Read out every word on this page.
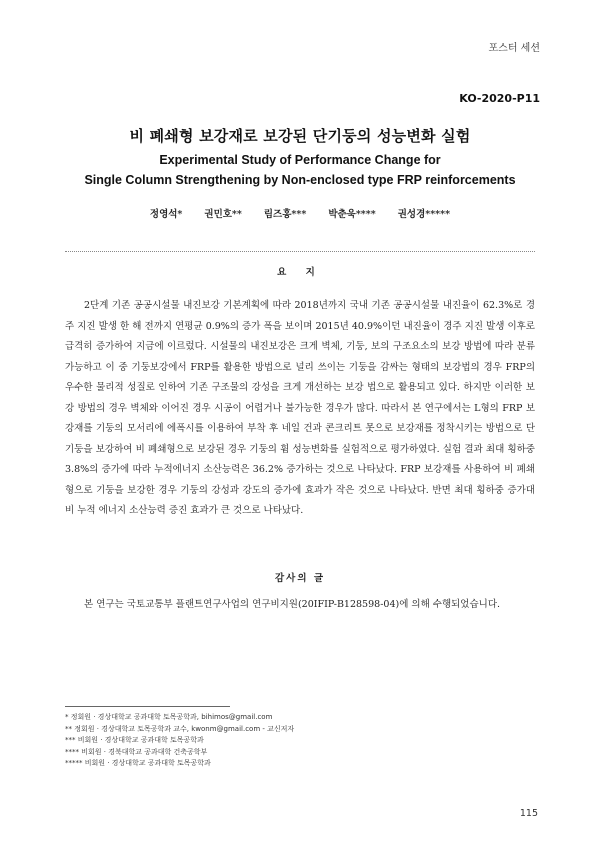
포스터 세션
KO-2020-P11
비 폐쇄형 보강재로 보강된 단기둥의 성능변화 실험
Experimental Study of Performance Change for
Single Column Strengthening by Non-enclosed type FRP reinforcements
정영석* 권민호** 림즈홍*** 박춘욱**** 권성경*****
요 지

2단계 기존 공공시설물 내진보강 기본계획에 따라 2018년까지 국내 기존 공공시설물 내진율이 62.3%로 경주 지진 발생 한 해 전까지 연평균 0.9%의 증가 폭을 보이며 2015년 40.9%이던 내진율이 경주 지진 발생 이후로 급격히 증가하여 지금에 이르렀다. 시설물의 내진보강은 크게 벽체, 기둥, 보의 구조요소의 보강 방법에 따라 분류 가능하고 이 중 기둥보강에서 FRP를 활용한 방법으로 널리 쓰이는 기둥을 감싸는 형태의 보강법의 경우 FRP의 우수한 물리적 성질로 인하여 기존 구조물의 강성을 크게 개선하는 보강 법으로 활용되고 있다. 하지만 이러한 보강 방법의 경우 벽체와 이어진 경우 시공이 어렵거나 불가능한 경우가 많다. 따라서 본 연구에서는 L형의 FRP 보강재를 기둥의 모서리에 에폭시를 이용하여 부착 후 네일 건과 콘크리트 못으로 보강재를 정착시키는 방법으로 단기둥을 보강하여 비 폐쇄형으로 보강된 경우 기둥의 휨 성능변화를 실험적으로 평가하였다. 실험 결과 최대 횡하중 3.8%의 증가에 따라 누적에너지 소산능력은 36.2% 증가하는 것으로 나타났다. FRP 보강재를 사용하여 비 폐쇄형으로 기둥을 보강한 경우 기둥의 강성과 강도의 증가에 효과가 작은 것으로 나타났다. 반면 최대 횡하중 증가대비 누적 에너지 소산능력 증진 효과가 큰 것으로 나타났다.

감사의 글

본 연구는 국토교통부 플랜트연구사업의 연구비지원(20IFIP-B128598-04)에 의해 수행되었습니다.

* 정회원 · 경상대학교 공과대학 토목공학과, bihimos@gmail.com
** 정회원 · 경상대학교 토목공학과 교수, kwonm@gmail.com - 교신저자
*** 비회원 · 경상대학교 공과대학 토목공학과
**** 비회원 · 경북대학교 공과대학 건축공학부
***** 비회원 · 경상대학교 공과대학 토목공학과
115
